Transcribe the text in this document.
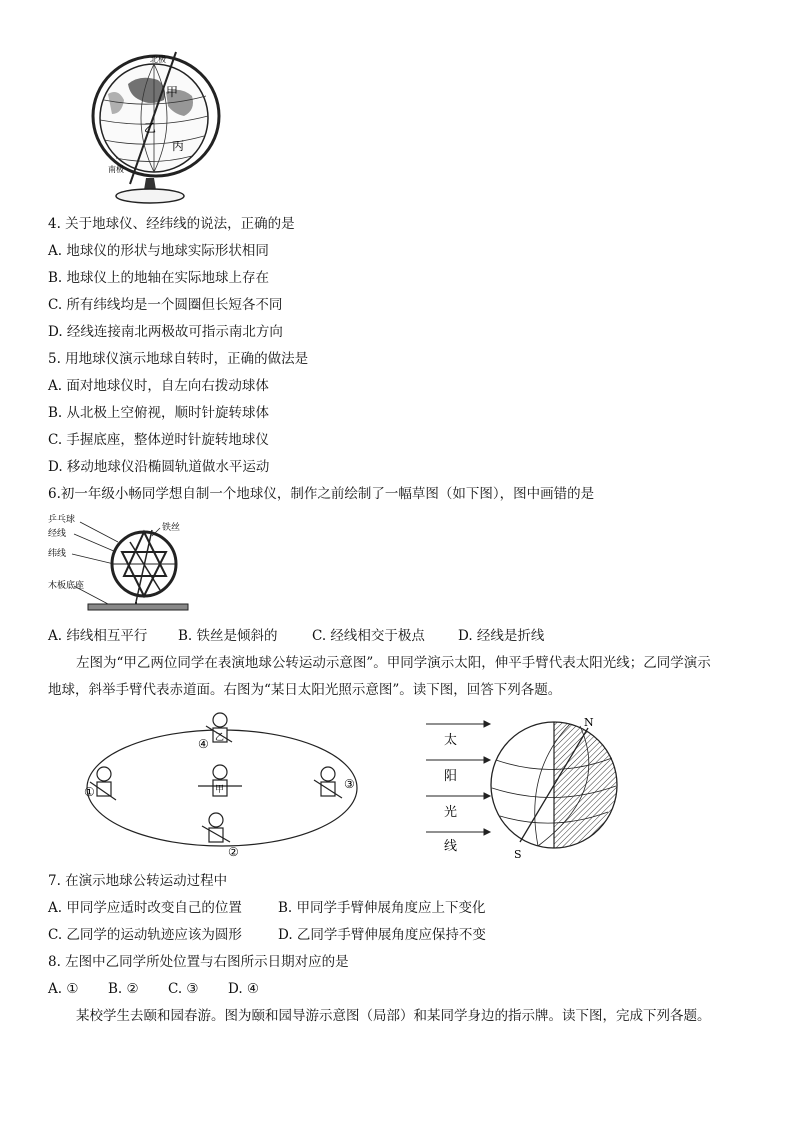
北极
南极
甲
乙
丙
4. 关于地球仪、经纬线的说法，正确的是
A. 地球仪的形状与地球实际形状相同
B. 地球仪上的地轴在实际地球上存在
C. 所有纬线均是一个圆圈但长短各不同
D. 经线连接南北两极故可指示南北方向
5. 用地球仪演示地球自转时，正确的做法是
A. 面对地球仪时，自左向右拨动球体
B. 从北极上空俯视，顺时针旋转球体
C. 手握底座，整体逆时针旋转地球仪
D. 移动地球仪沿椭圆轨道做水平运动
6.初一年级小畅同学想自制一个地球仪，制作之前绘制了一幅草图（如下图），图中画错的是
乒乓球
经线
纬线
铁丝
木板底座
A. 纬线相互平行 B. 铁丝是倾斜的	C. 经线相交于极点 D. 经线是折线
左图为“甲乙两位同学在表演地球公转运动示意图”。甲同学演示太阳，伸平手臂代表太阳光线；乙同学演示
地球，斜举手臂代表赤道面。右图为“某日太阳光照示意图”。读下图，回答下列各题。
④
①
③
②
甲
乙	太
阳
光
线
N
S
7. 在演示地球公转运动过程中
A. 甲同学应适时改变自己的位置	B. 甲同学手臂伸展角度应上下变化
C. 乙同学的运动轨迹应该为圆形	D. 乙同学手臂伸展角度应保持不变
8. 左图中乙同学所处位置与右图所示日期对应的是
A. ① B. ② C. ③ D. ④
某校学生去颐和园春游。图为颐和园导游示意图（局部）和某同学身边的指示牌。读下图，完成下列各题。
